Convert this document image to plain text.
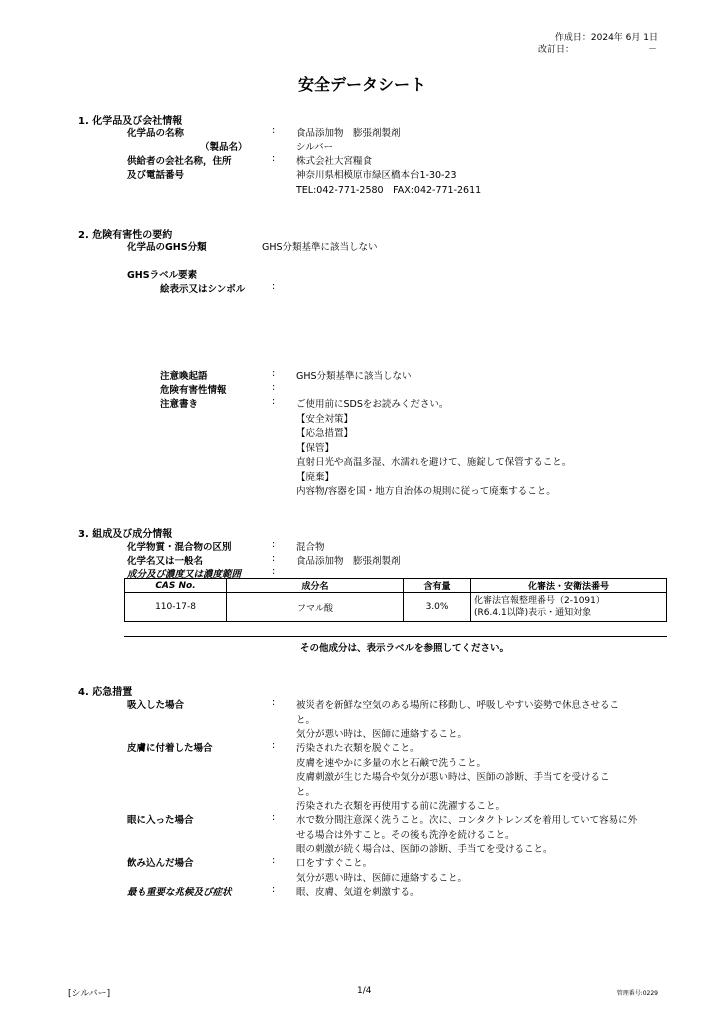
作成日：2024年 6月 1日
改訂日：	－
安全データシート
1. 化学品及び会社情報
化学品の名称	: 食品添加物　膨張剤製剤
（製品名）	シルバー
供給者の会社名称，住所	: 株式会社大宮糧食
及び電話番号	神奈川県相模原市緑区橋本台1-30-23
TEL:042-771-2580　FAX:042-771-2611
2. 危険有害性の要約
化学品のGHS分類	GHS分類基準に該当しない
GHSラベル要素
絵表示又はシンボル	:
注意喚起語	: GHS分類基準に該当しない
危険有害性情報	:
注意書き	: ご使用前にSDSをお読みください。
【安全対策】
【応急措置】
【保管】
直射日光や高温多湿、水濡れを避けて、施錠して保管すること。
【廃棄】
内容物/容器を国・地方自治体の規則に従って廃棄すること。
3. 組成及び成分情報
化学物質・混合物の区別	: 混合物
化学名又は一般名	: 食品添加物　膨張剤製剤
成分及び濃度又は濃度範囲	:
CAS No.	成分名	含有量	化審法・安衛法番号
110-17-8	フマル酸	3.0%	化審法官報整理番号（2-1091）
(R6.4.1以降)表示・通知対象
その他成分は、表示ラベルを参照してください。
4. 応急措置
吸入した場合	: 被災者を新鮮な空気のある場所に移動し、呼吸しやすい姿勢で休息させるこ
と。
気分が悪い時は、医師に連絡すること。
皮膚に付着した場合	: 汚染された衣類を脱ぐこと。
皮膚を速やかに多量の水と石鹸で洗うこと。
皮膚刺激が生じた場合や気分が悪い時は、医師の診断、手当てを受けるこ
と。
汚染された衣類を再使用する前に洗濯すること。
眼に入った場合	: 水で数分間注意深く洗うこと。次に、コンタクトレンズを着用していて容易に外
せる場合は外すこと。その後も洗浄を続けること。
眼の刺激が続く場合は、医師の診断、手当てを受けること。
飲み込んだ場合	: 口をすすぐこと。
気分が悪い時は、医師に連絡すること。
最も重要な兆候及び症状	: 眼、皮膚、気道を刺激する。
[シルバー]	1/4	管理番号:0229
